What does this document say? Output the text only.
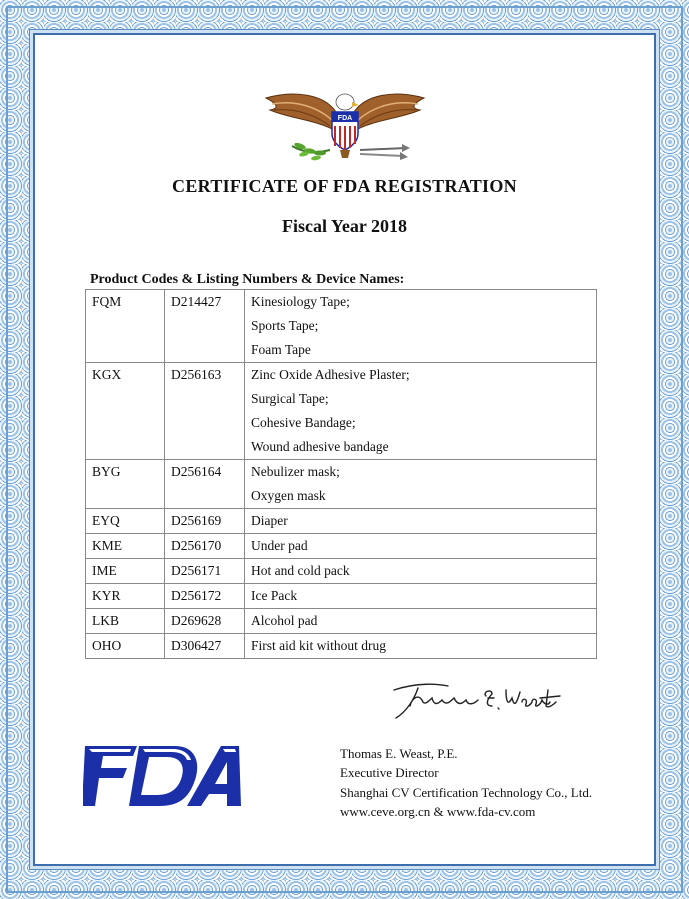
FDA
CERTIFICATE OF FDA REGISTRATION
Fiscal Year 2018
Product Codes & Listing Numbers & Device Names:
FQM	D214427	Kinesiology Tape;
Sports Tape;
Foam Tape

KGX	D256163	Zinc Oxide Adhesive Plaster;
Surgical Tape;
Cohesive Bandage;
Wound adhesive bandage

BYG	D256164	Nebulizer mask;
Oxygen mask

EYQ	D256169	Diaper

KME	D256170	Under pad

IME	D256171	Hot and cold pack

KYR	D256172	Ice Pack

LKB	D269628	Alcohol pad

OHO	D306427	First aid kit without drug
Thomas E. Weast, P.E.
Executive Director
Shanghai CV Certification Technology Co., Ltd.
www.ceve.org.cn & www.fda-cv.com
